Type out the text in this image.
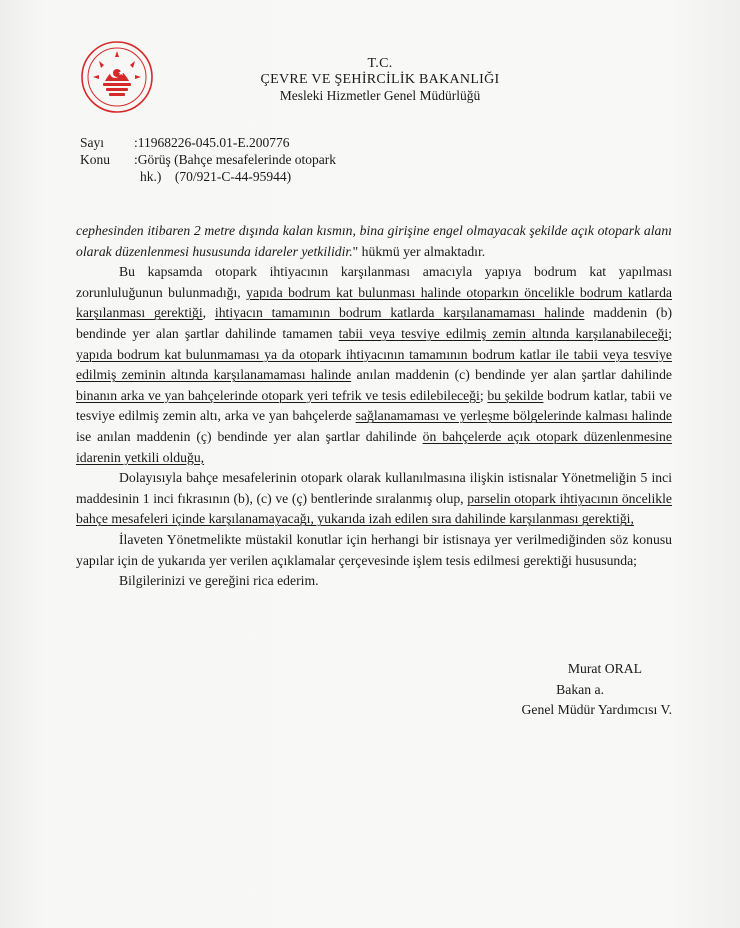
T.C.
ÇEVRE VE ŞEHİRCİLİK BAKANLIĞI
Mesleki Hizmetler Genel Müdürlüğü
Sayı	:11968226-045.01-E.200776
Konu	:Görüş (Bahçe mesafelerinde otopark
hk.)    (70/921-C-44-95944)

cephesinden itibaren 2 metre dışında kalan kısmın, bina girişine engel olmayacak şekilde açık otopark alanı olarak düzenlenmesi hususunda idareler yetkilidir." hükmü yer almaktadır.

Bu kapsamda otopark ihtiyacının karşılanması amacıyla yapıya bodrum kat yapılması zorunluluğunun bulunmadığı, yapıda bodrum kat bulunması halinde otoparkın öncelikle bodrum katlarda karşılanması gerektiği, ihtiyacın tamamının bodrum katlarda karşılanamaması halinde maddenin (b) bendinde yer alan şartlar dahilinde tamamen tabii veya tesviye edilmiş zemin altında karşılanabileceği; yapıda bodrum kat bulunmaması ya da otopark ihtiyacının tamamının bodrum katlar ile tabii veya tesviye edilmiş zeminin altında karşılanamaması halinde anılan maddenin (c) bendinde yer alan şartlar dahilinde binanın arka ve yan bahçelerinde otopark yeri tefrik ve tesis edilebileceği; bu şekilde bodrum katlar, tabii ve tesviye edilmiş zemin altı, arka ve yan bahçelerde sağlanamaması ve yerleşme bölgelerinde kalması halinde ise anılan maddenin (ç) bendinde yer alan şartlar dahilinde ön bahçelerde açık otopark düzenlenmesine idarenin yetkili olduğu,

Dolayısıyla bahçe mesafelerinin otopark olarak kullanılmasına ilişkin istisnalar Yönetmeliğin 5 inci maddesinin 1 inci fıkrasının (b), (c) ve (ç) bentlerinde sıralanmış olup, parselin otopark ihtiyacının öncelikle bahçe mesafeleri içinde karşılanamayacağı, yukarıda izah edilen sıra dahilinde karşılanması gerektiği,

İlaveten Yönetmelikte müstakil konutlar için herhangi bir istisnaya yer verilmediğinden söz konusu yapılar için de yukarıda yer verilen açıklamalar çerçevesinde işlem tesis edilmesi gerektiği hususunda;

Bilgilerinizi ve gereğini rica ederim.

Murat ORAL
Bakan a.
Genel Müdür Yardımcısı V.
